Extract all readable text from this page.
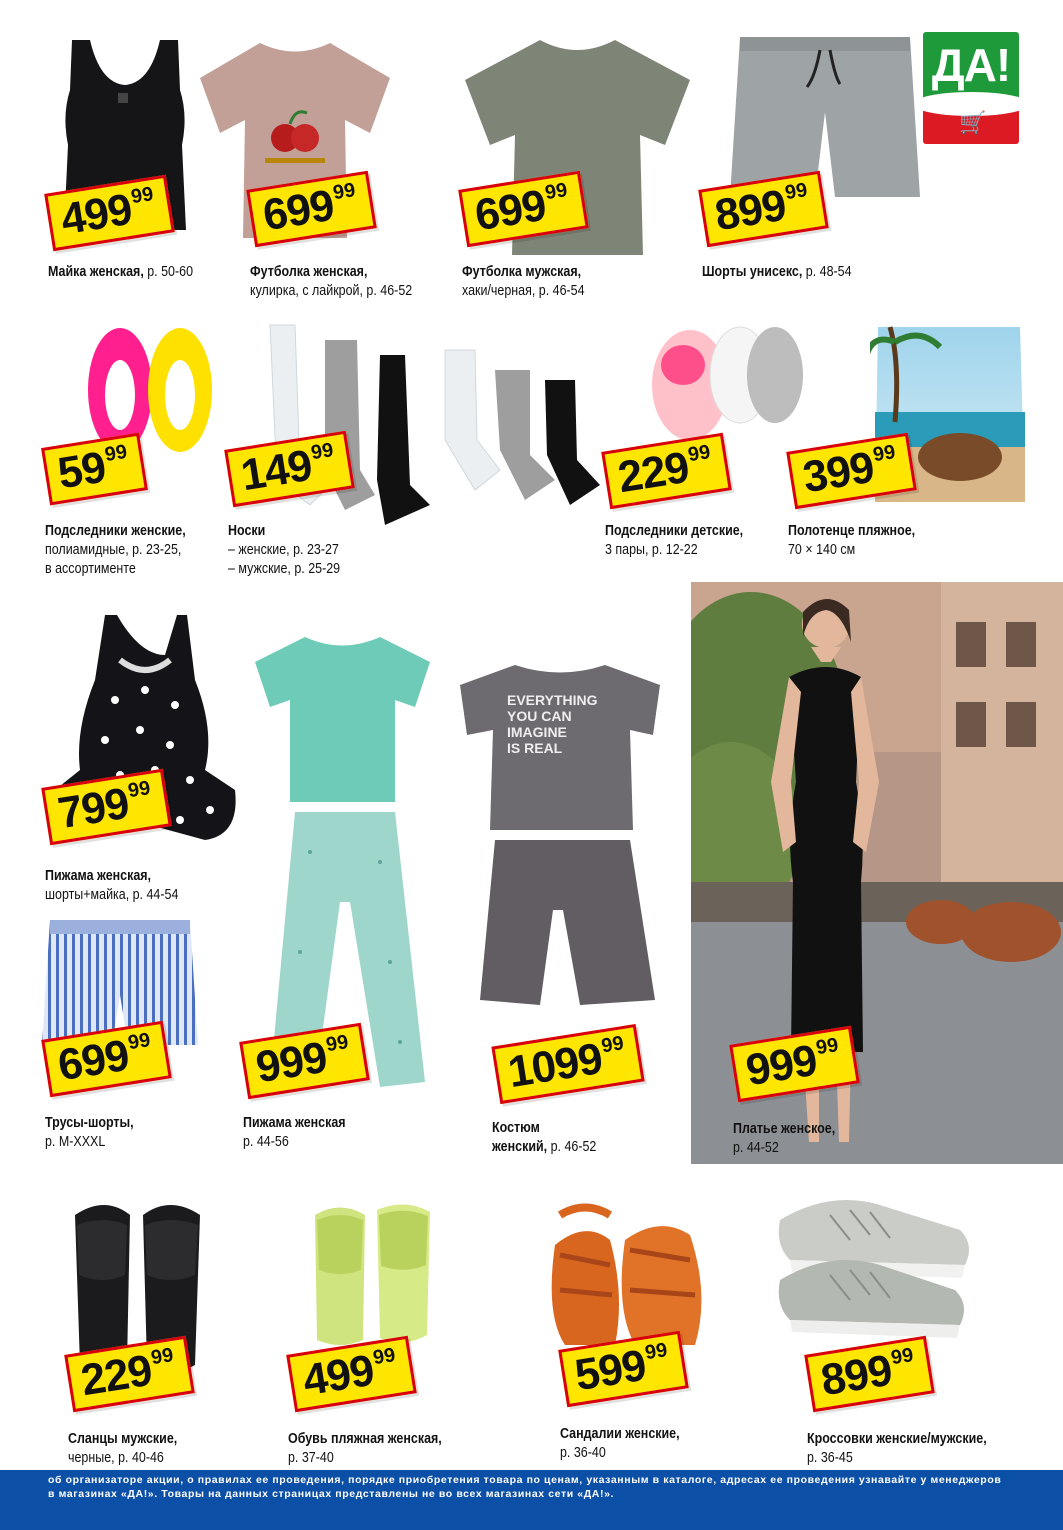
ДА!
🛒
499
99 699
99	699
99	899
99
Майка женская, р. 50-60	Футболка женская,
кулирка, с лайкрой, р. 46-52
Футболка мужская,
хаки/черная, р. 46-54
Шорты унисекс, р. 48-54
59
99 149
99	229
99 399
99
Подследники женские,
полиамидные, р. 23-25,
в ассортименте
Носки
– женские, р. 23-27
– мужские, р. 25-29
Подследники детские,
3 пары, р. 12-22
Полотенце пляжное,
70 × 140 см
EVERYTHING
YOU CAN
IMAGINE
IS REAL
799
99
Пижама женская,
шорты+майка, р. 44-54
699
99 999
99	1099
99	999
99
Трусы-шорты,
р. M-XXXL
Пижама женская
р. 44-56
Костюм
женский, р. 46-52
Платье женское,
р. 44-52
229
99	499
99	599
99	899
99
Сланцы мужские,
черные, р. 40-46
Обувь пляжная женская,
р. 37-40
Сандалии женские,
р. 36-40
Кроссовки женские/мужские,
р. 36-45
об организаторе акции, о правилах ее проведения, порядке приобретения товара по ценам, указанным в каталоге, адресах ее проведения узнавайте у менеджеров
в магазинах «ДА!». Товары на данных страницах представлены не во всех магазинах сети «ДА!».
